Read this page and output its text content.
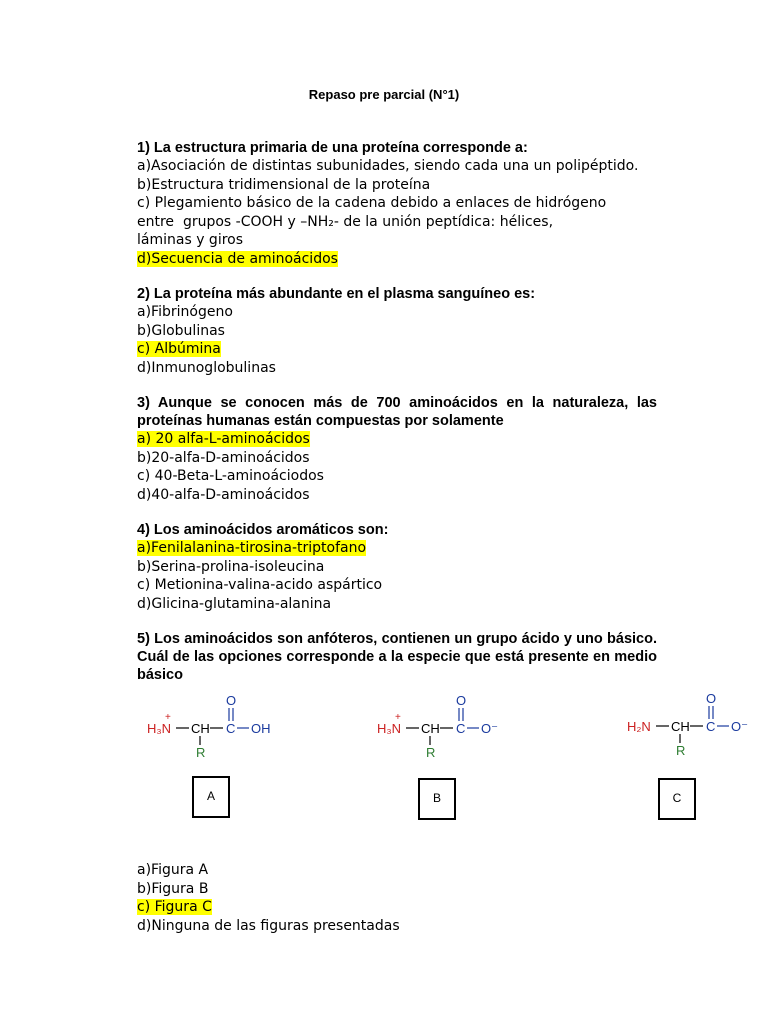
Repaso pre parcial (N°1)

1) La estructura primaria de una proteína corresponde a:

a)Asociación de distintas subunidades, siendo cada una un polipéptido.
b)Estructura tridimensional de la proteína
c) Plegamiento básico de la cadena debido a enlaces de hidrógeno
entre  grupos -COOH y –NH₂- de la unión peptídica: hélices,
láminas y giros
d)Secuencia de aminoácidos

2) La proteína más abundante en el plasma sanguíneo es:

a)Fibrinógeno
b)Globulinas
c) Albúmina
d)Inmunoglobulinas

3) Aunque se conocen más de 700 aminoácidos en la naturaleza, las proteínas humanas están compuestas por solamente

a) 20 alfa-L-aminoácidos
b)20-alfa-D-aminoácidos
c) 40-Beta-L-aminoáciodos
d)40-alfa-D-aminoácidos

4) Los aminoácidos aromáticos son:

a)Fenilalanina-tirosina-triptofano
b)Serina-prolina-isoleucina
c) Metionina-valina-acido aspártico
d)Glicina-glutamina-alanina

5) Los aminoácidos son anfóteros, contienen un grupo ácido y uno básico. Cuál de las opciones corresponde a la especie que está presente en medio básico

H₃N
+
CH
R
C
O
OH
A
H₃N
+
CH
R
C
O
O⁻
B
H₂N CH
R
C
O
O⁻
C
a)Figura A
b)Figura B
c) Figura C
d)Ninguna de las figuras presentadas
